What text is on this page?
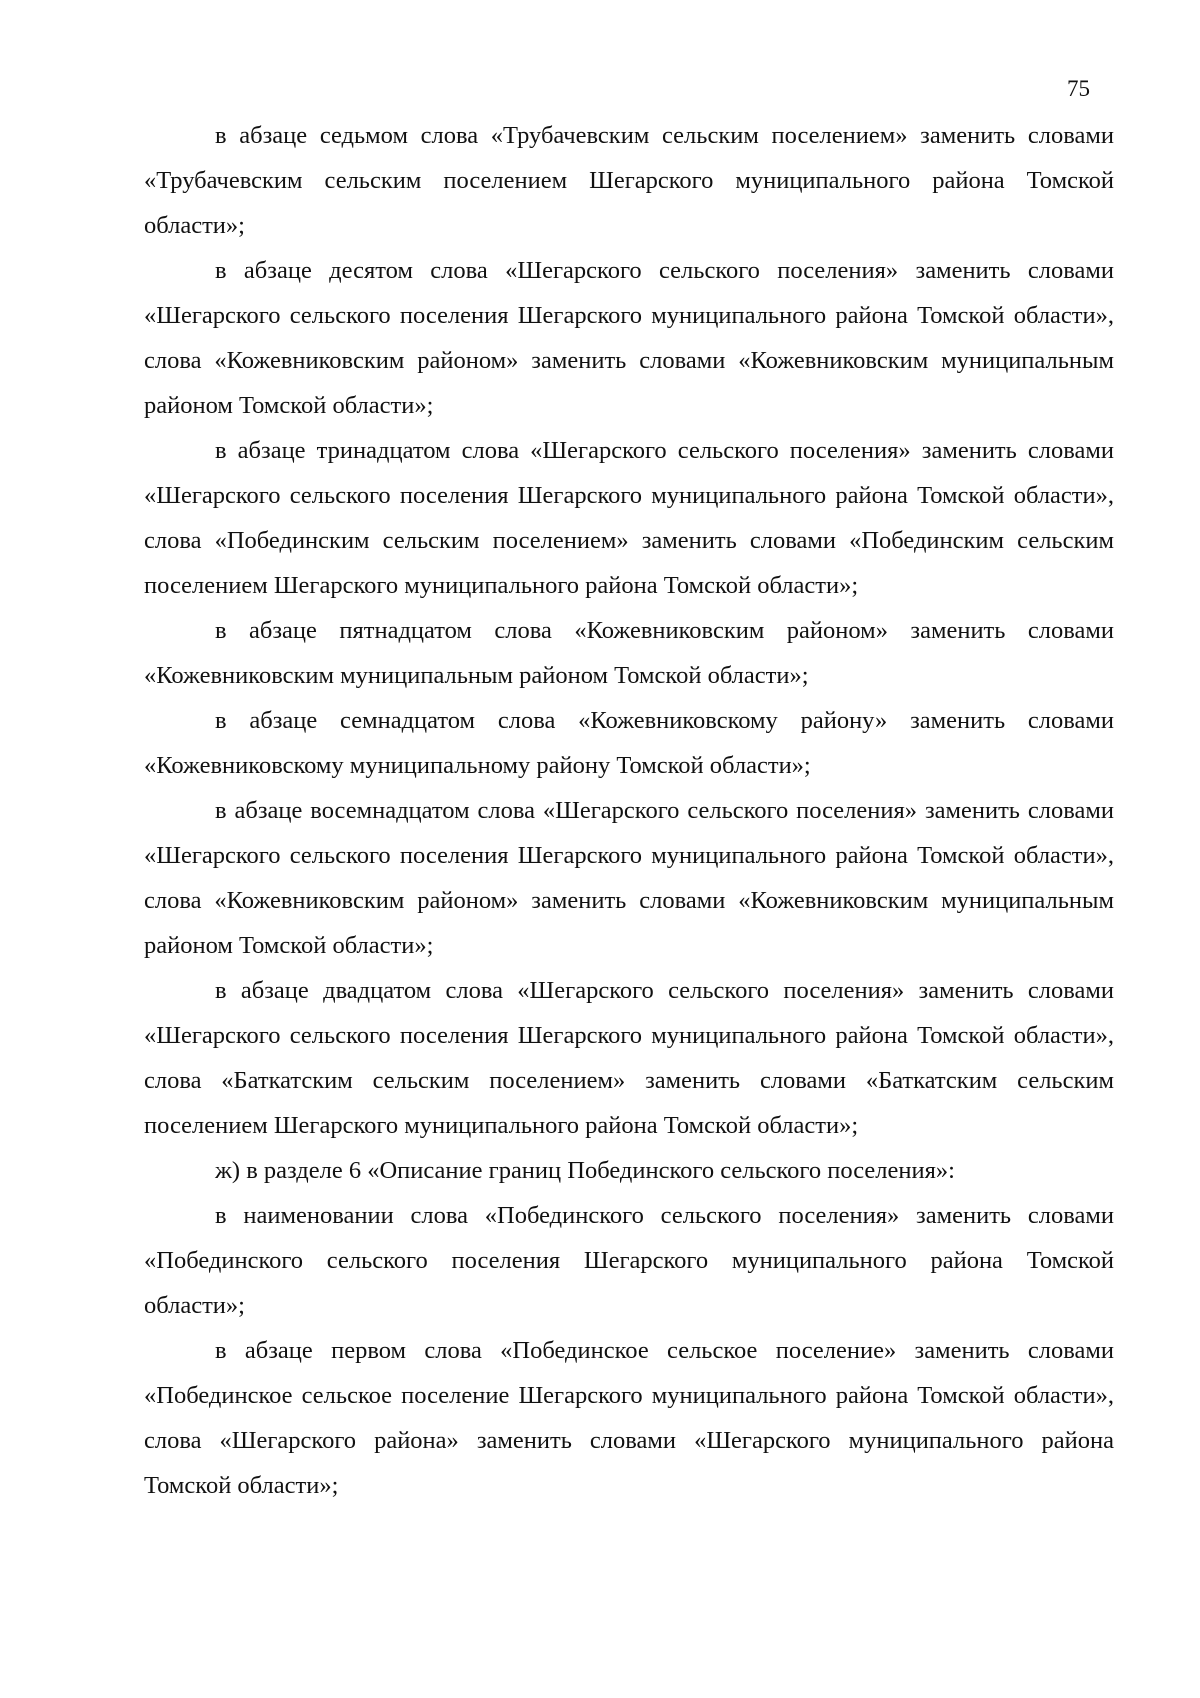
75

в абзаце седьмом слова «Трубачевским сельским поселением» заменить словами «Трубачевским сельским поселением Шегарского муниципального района Томской области»;

в абзаце десятом слова «Шегарского сельского поселения» заменить словами «Шегарского сельского поселения Шегарского муниципального района Томской области», слова «Кожевниковским районом» заменить словами «Кожевниковским муниципальным районом Томской области»;

в абзаце тринадцатом слова «Шегарского сельского поселения» заменить словами «Шегарского сельского поселения Шегарского муниципального района Томской области», слова «Побединским сельским поселением» заменить словами «Побединским сельским поселением Шегарского муниципального района Томской области»;

в абзаце пятнадцатом слова «Кожевниковским районом» заменить словами «Кожевниковским муниципальным районом Томской области»;

в абзаце семнадцатом слова «Кожевниковскому району» заменить словами «Кожевниковскому муниципальному району Томской области»;

в абзаце восемнадцатом слова «Шегарского сельского поселения» заменить словами «Шегарского сельского поселения Шегарского муниципального района Томской области», слова «Кожевниковским районом» заменить словами «Кожевниковским муниципальным районом Томской области»;

в абзаце двадцатом слова «Шегарского сельского поселения» заменить словами «Шегарского сельского поселения Шегарского муниципального района Томской области», слова «Баткатским сельским поселением» заменить словами «Баткатским сельским поселением Шегарского муниципального района Томской области»;

ж) в разделе 6 «Описание границ Побединского сельского поселения»:

в наименовании слова «Побединского сельского поселения» заменить словами «Побединского сельского поселения Шегарского муниципального района Томской области»;

в абзаце первом слова «Побединское сельское поселение» заменить словами «Побединское сельское поселение Шегарского муниципального района Томской области», слова «Шегарского района» заменить словами «Шегарского муниципального района Томской области»;
